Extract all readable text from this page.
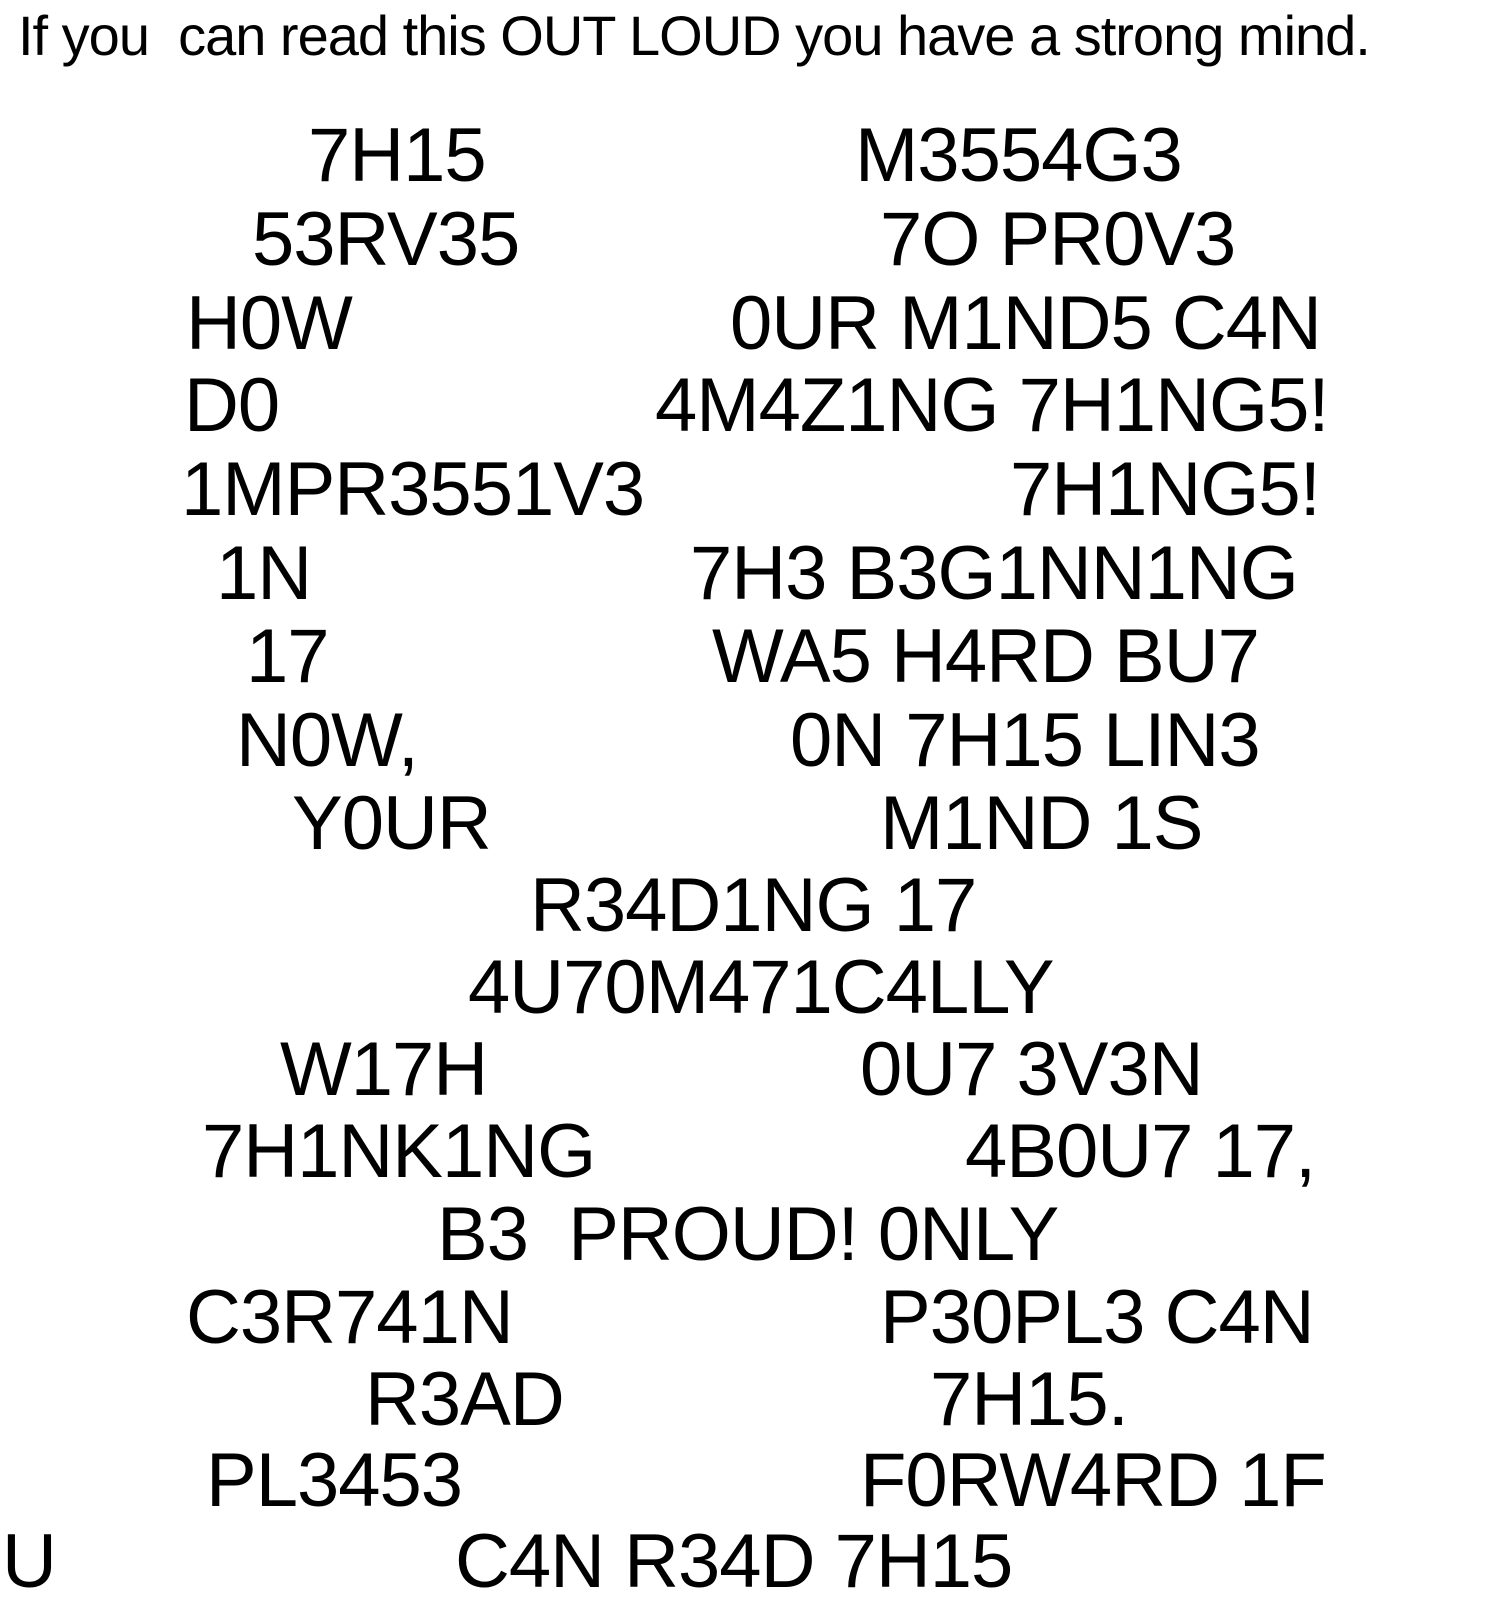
If you  can read this OUT LOUD you have a strong mind.
7H15	M3554G3
53RV35	7O PR0V3
H0W	0UR M1ND5 C4N
D0	4M4Z1NG 7H1NG5!
1MPR3551V3	7H1NG5!
1N	7H3 B3G1NN1NG
17	WA5 H4RD BU7
N0W,	0N 7H15 LIN3
Y0UR	M1ND 1S
R34D1NG 17
4U70M471C4LLY
W17H	0U7 3V3N
7H1NK1NG	4B0U7 17,
B3  PROUD! 0NLY
C3R741N	P30PL3 C4N
R3AD	7H15.
PL3453	F0RW4RD 1F
U	C4N R34D 7H15
